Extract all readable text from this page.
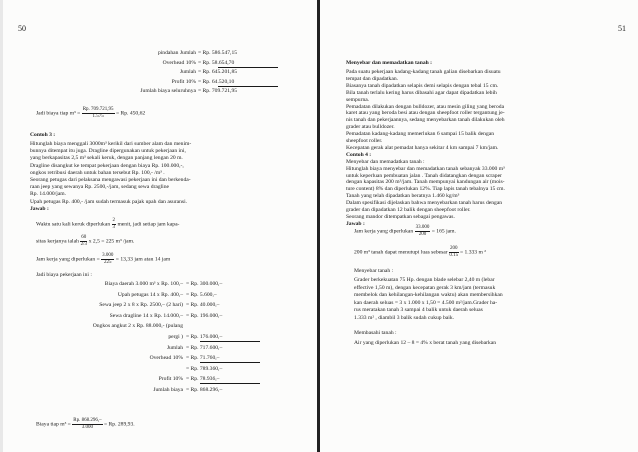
50
pindahan Jumlah = Rp. 586.547,15
Overhead 10% = Rp. 58.654,70
Jumlah = Rp. 645.201,85
Profit 10% = Rp. 64.520,10
Jumlah biaya seluruhnya = Rp. 709.721,95
Jadi biaya tiap $m^3 = \frac{Rp. 709.721,95}{1.575} = Rp$. 450,62
Contoh 3 :
Hitunglah biaya menggali 3000m³ kerikil dari sumber alam dan menim-
bunnya ditempat itu juga. Dragline dipergunakan untuk pekerjaan ini,
yang berkapasitas 2,5 m³ sekali keruk, dengan panjang lengan 20 m.
Dragline disangkut ke tempat pekerjaan dengan biaya Rp. 100.000,-,
ongkos retribusi daerah untuk bahan tersebut Rp. 100,- /m³ .
Seorang petugas dari pelaksana mengawasi pekerjaan ini dan berkenda-
raan jeep yang sewanya Rp. 2500,-/jam, sedang sewa dragline
Rp. 14.000/jam.
Upah petugas Rp. 400,- /jam sudah termasuk pajak upah dan asuransi.
Jawab :
Waktu satu kali keruk diperlukan $\frac{2}{3}$ menit, jadi setiap jam kapa-
sitas kerjanya ialah $\frac{60}{2/3}$ x 2,5 = 225 m³ /jam.
Jam kerja yang diperlukan = $\frac{3.000}{225} = 13,33$ jam atau 14 jam
Jadi biaya pekerjaan ini :
Biaya daerah 3.000 m³ x Rp. 100,– = Rp. 300.000,–
Upah petugas 14 x Rp. 400,– = Rp. 5.600,–
Sewa jeep 2 x 8 x Rp. 2500,– (2 hari) = Rp. 40.000,–
Sewa dragline 14 x Rp. 14.000,– = Rp. 196.000,–
Ongkos angkut 2 x Rp. 88.000,- (pulang
pergi ) = Rp. 176.000,–
Jumlah = Rp. 717.600,–
Overhead 10% = Rp. 71.760,–
= Rp. 789.360,–
Profit 10% = Rp. 78.936,–
Jumlah biaya = Rp. 868.296,–
Biaya tiap $m^3 = \frac{Rp. 868.296,-}{3.000} = Rp$. 289,93.
51
Menyebar dan memadatkan tanah :
Pada suatu pekerjaan kadang-kadang tanah galian disebarkan disuatu
tempat dan dipadatkan.
Biasanya tanah dipadatkan selapis demi selapis dengan tebal 15 cm.
Bila tanah terlalu kering harus dibasahi agar dapat dipadatkan lebih
sempurna.
Pemadatan dilakukan dengan bulldozer, atau mesin giling yang beroda
karet atau yang beroda besi atau dengan sheepfoot roller tergantung je-
nis tanah dan pekerjaannya, sedang menyebarkan tanah dilakukan oleh
grader atau bulldozer.
Pemadatan kadang-kadang memerlukan 6 sampai 15 balik dengan
sheepfoot roller.
Kecepatan gerak alat pemadat hanya sekitar 4 km sampai 7 km/jam.
Contoh 4 :
Menyebar dan memadatkan tanah :
Hitunglah biaya menyebar dan memadatkan tanah sebanyak 33.000 m³
untuk keperluan pembuatan jalan . Tanah didatangkan dengan scraper
dengan kapasitas 200 m³/jam. Tanah mempunyai kandungan air (mois-
ture content) 8% dan diperlukan 12%. Tiap lapis tanah tebalnya 15 cm.
Tanah yang telah dipadatkan beratnya 1.460 kg/m³
Dalam spesifikasi dijelaskan bahwa menyebarkan tanah harus dengan
grader dan dipadatkan 12 balik dengan sheepfoot roller.
Seorang mandor ditempatkan sebagai pengawas.
Jawab :
Jam kerja yang diperlukan $\frac{33.000}{200} = 165$ jam.
200 m³ tanah dapat menutupi luas sebesar $\frac{200}{0.15} = 1.333$ m ²
Menyebar tanah :
Grader berkekuatan 75 Hp. dengan blade selebar 2,40 m (lebar
effective 1,50 m), dengan kecepatan gerak 3 km/jam (termasuk
membelok dan kehilangan-kehilangan waktu) akan membersihkan
kan daerah seluas = 3 x 1.000 x 1,50 = 4.500 m²/jam.Grader ha-
rus meratakan tanah 3 sampai 4 balik untuk daerah seluas
1.333 m² , diambil 3 balik sudah cukup baik.
Membasahi tanah :
Air yang diperlukan 12 – 8 = 4% x berat tanah yang disebarkan
